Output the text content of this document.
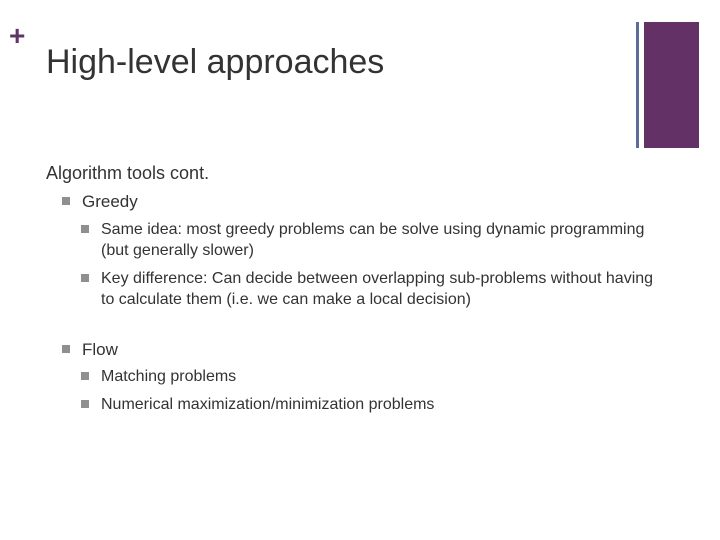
+
High-level approaches
Algorithm tools cont.
Greedy
Same idea: most greedy problems can be solve using dynamic programming (but generally slower)
Key difference: Can decide between overlapping sub-problems without having to calculate them (i.e. we can make a local decision)
Flow
Matching problems
Numerical maximization/minimization problems
